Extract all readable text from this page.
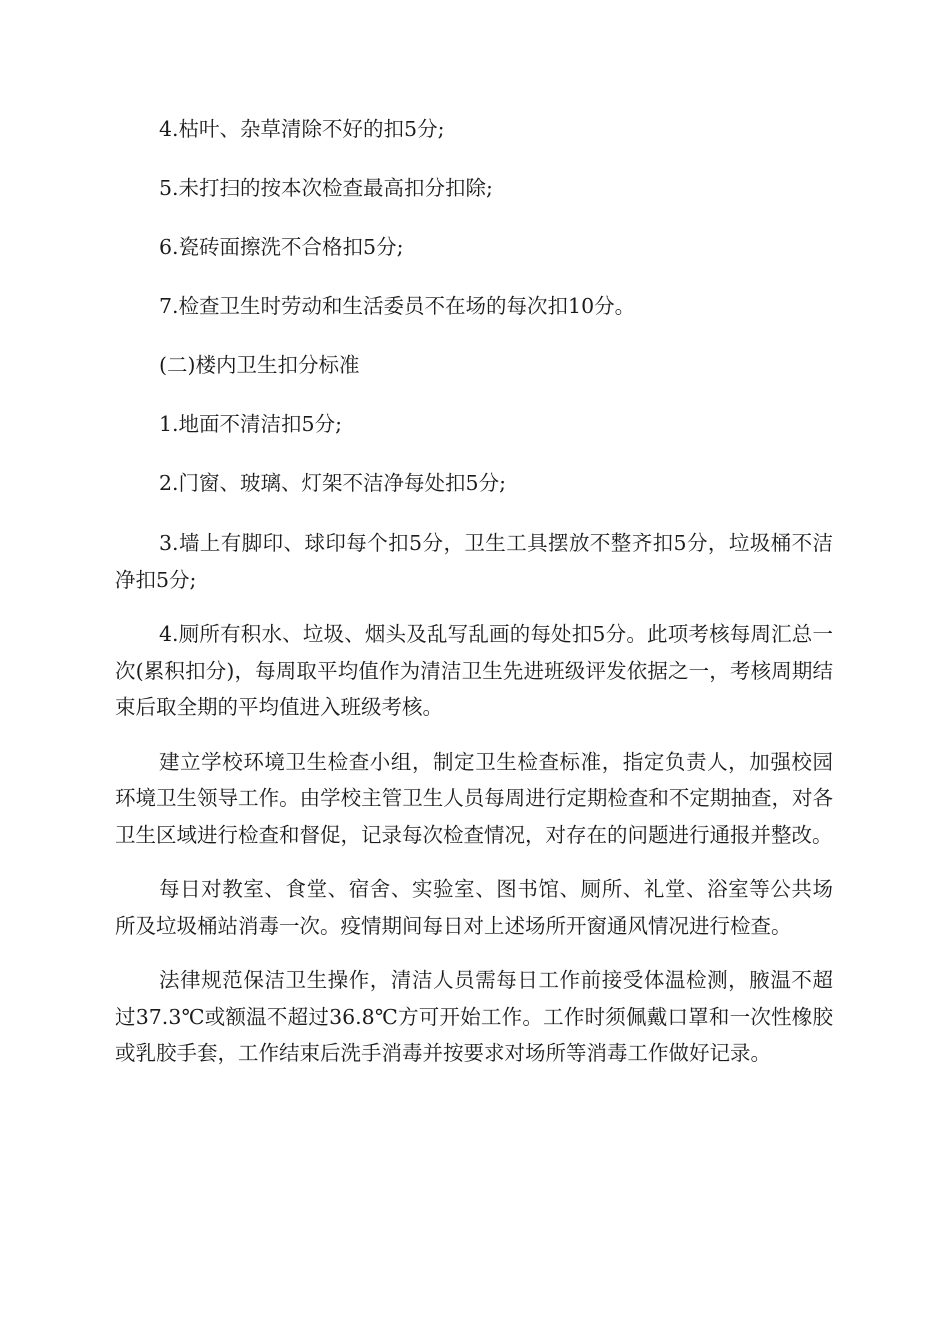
4.枯叶、杂草清除不好的扣5分;

5.未打扫的按本次检查最高扣分扣除;

6.瓷砖面擦洗不合格扣5分;

7.检查卫生时劳动和生活委员不在场的每次扣10分。

(二)楼内卫生扣分标准

1.地面不清洁扣5分;

2.门窗、玻璃、灯架不洁净每处扣5分;

3.墙上有脚印、球印每个扣5分，卫生工具摆放不整齐扣5分，垃圾桶不洁净扣5分;

4.厕所有积水、垃圾、烟头及乱写乱画的每处扣5分。此项考核每周汇总一次(累积扣分)，每周取平均值作为清洁卫生先进班级评发依据之一，考核周期结束后取全期的平均值进入班级考核。

建立学校环境卫生检查小组，制定卫生检查标准，指定负责人，加强校园环境卫生领导工作。由学校主管卫生人员每周进行定期检查和不定期抽查，对各卫生区域进行检查和督促，记录每次检查情况，对存在的问题进行通报并整改。

每日对教室、食堂、宿舍、实验室、图书馆、厕所、礼堂、浴室等公共场所及垃圾桶站消毒一次。疫情期间每日对上述场所开窗通风情况进行检查。

法律规范保洁卫生操作，清洁人员需每日工作前接受体温检测，腋温不超过37.3℃或额温不超过36.8℃方可开始工作。工作时须佩戴口罩和一次性橡胶或乳胶手套，工作结束后洗手消毒并按要求对场所等消毒工作做好记录。
